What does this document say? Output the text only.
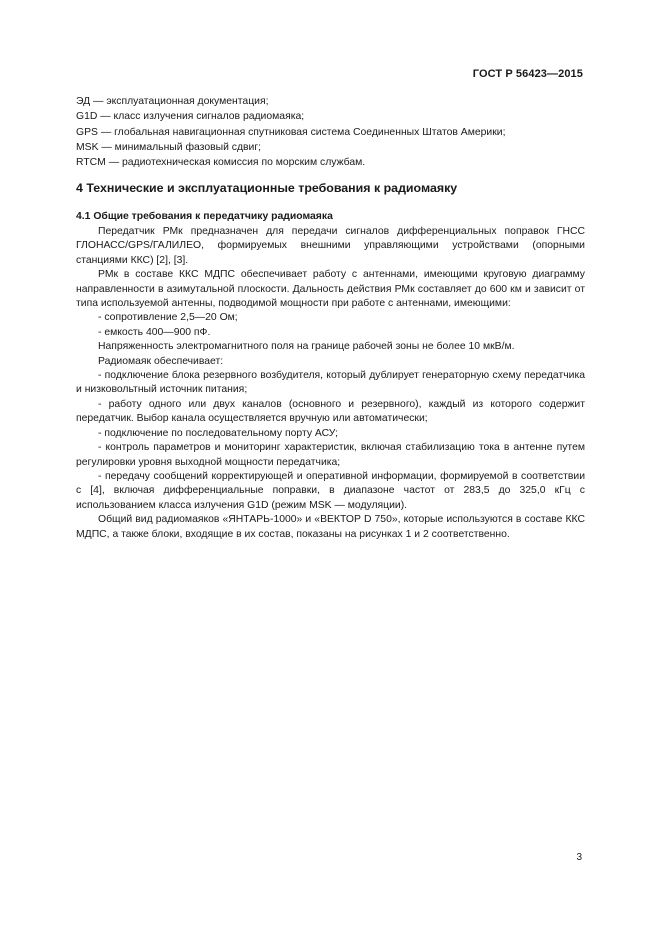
ГОСТ Р 56423—2015
ЭД — эксплуатационная документация;
G1D — класс излучения сигналов радиомаяка;
GPS — глобальная навигационная спутниковая система Соединенных Штатов Америки;
MSK — минимальный фазовый сдвиг;
RTCM — радиотехническая комиссия по морским службам.
4 Технические и эксплуатационные требования к радиомаяку
4.1 Общие требования к передатчику радиомаяка

Передатчик РМк предназначен для передачи сигналов дифференциальных поправок ГНСС ГЛОНАСС/GPS/ГАЛИЛЕО, формируемых внешними управляющими устройствами (опорными станциями ККС) [2], [3].

РМк в составе ККС МДПС обеспечивает работу с антеннами, имеющими круговую диаграмму направленности в азимутальной плоскости. Дальность действия РМк составляет до 600 км и зависит от типа используемой антенны, подводимой мощности при работе с антеннами, имеющими:

- сопротивление 2,5—20 Ом;

- емкость 400—900 пФ.

Напряженность электромагнитного поля на границе рабочей зоны не более 10 мкВ/м.

Радиомаяк обеспечивает:

- подключение блока резервного возбудителя, который дублирует генераторную схему передатчика и низковольтный источник питания;

- работу одного или двух каналов (основного и резервного), каждый из которого содержит передатчик. Выбор канала осуществляется вручную или автоматически;

- подключение по последовательному порту АСУ;

- контроль параметров и мониторинг характеристик, включая стабилизацию тока в антенне путем регулировки уровня выходной мощности передатчика;

- передачу сообщений корректирующей и оперативной информации, формируемой в соответствии с [4], включая дифференциальные поправки, в диапазоне частот от 283,5 до 325,0 кГц с использованием класса излучения G1D (режим MSK — модуляции).

Общий вид радиомаяков «ЯНТАРЬ-1000» и «ВЕКТОР D 750», которые используются в составе ККС МДПС, а также блоки, входящие в их состав, показаны на рисунках 1 и 2 соответственно.

3
